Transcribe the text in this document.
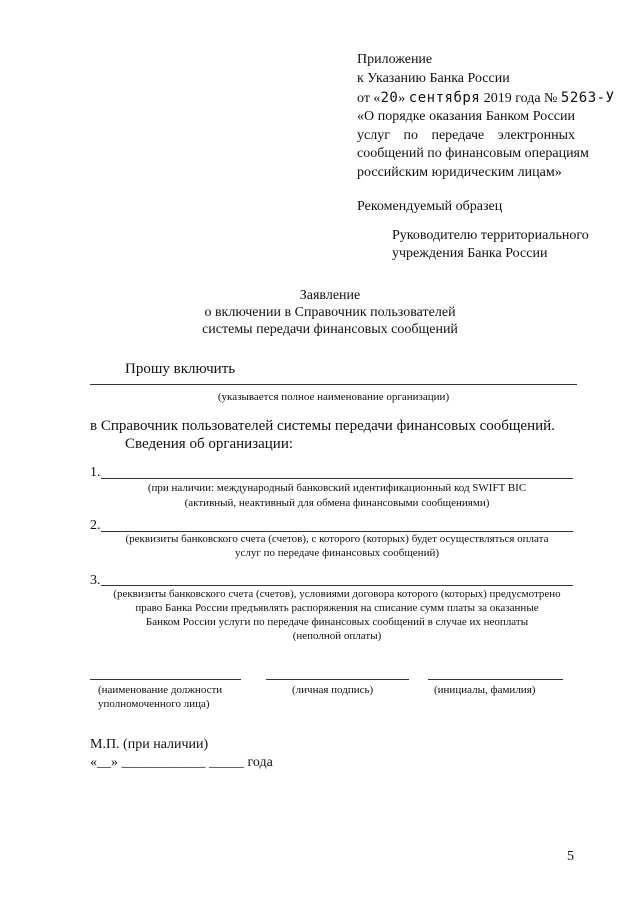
Приложение
к Указанию Банка России
от «20» сентября 2019 года № 5263-У
«О порядке оказания Банком России
услуг по передаче электронных
сообщений по финансовым операциям
российским юридическим лицам»
Рекомендуемый образец
Руководителю территориального
учреждения Банка России
Заявление
о включении в Справочник пользователей
системы передачи финансовых сообщений
Прошу включить
(указывается полное наименование организации)
в Справочник пользователей системы передачи финансовых сообщений.
Сведения об организации:
1.
(при наличии: международный банковский идентификационный код SWIFT BIC
(активный, неактивный для обмена финансовыми сообщениями)
2.
(реквизиты банковского счета (счетов), с которого (которых) будет осуществляться оплата
услуг по передаче финансовых сообщений)
3.
(реквизиты банковского счета (счетов), условиями договора которого (которых) предусмотрено
право Банка России предъявлять распоряжения на списание сумм платы за оказанные
Банком России услуги по передаче финансовых сообщений в случае их неоплаты
(неполной оплаты)
(наименование должности
уполномоченного лица)
(личная подпись)	(инициалы, фамилия)
М.П. (при наличии)
«__» ____________ _____ года
5
